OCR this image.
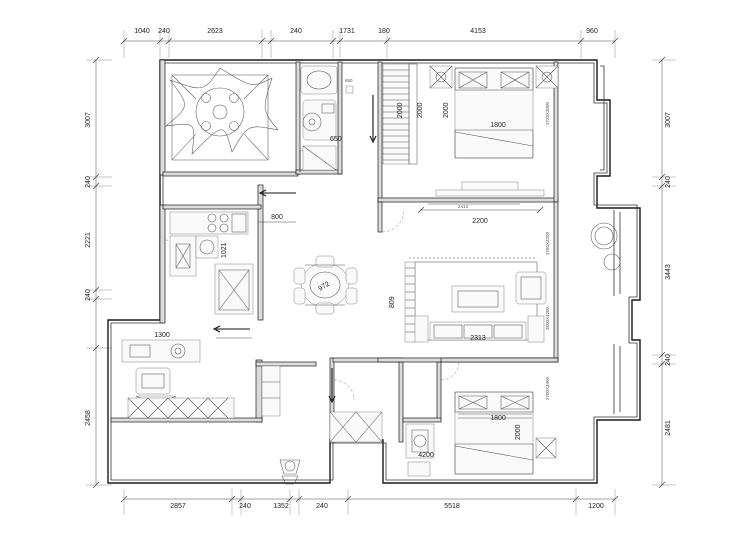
650
650
2000
1800
2000
2000
2200
2413
2720X3000
2760X3200
800
1021
972
2313
809
1300
1800
2000
4200
2700X3400
3600X4200
1040 240	2623	240	1731	180	4153	960
2857	240	1352	240	5518	1200
3007
240
2221
240
2458
3007
240
3443
240
2481
